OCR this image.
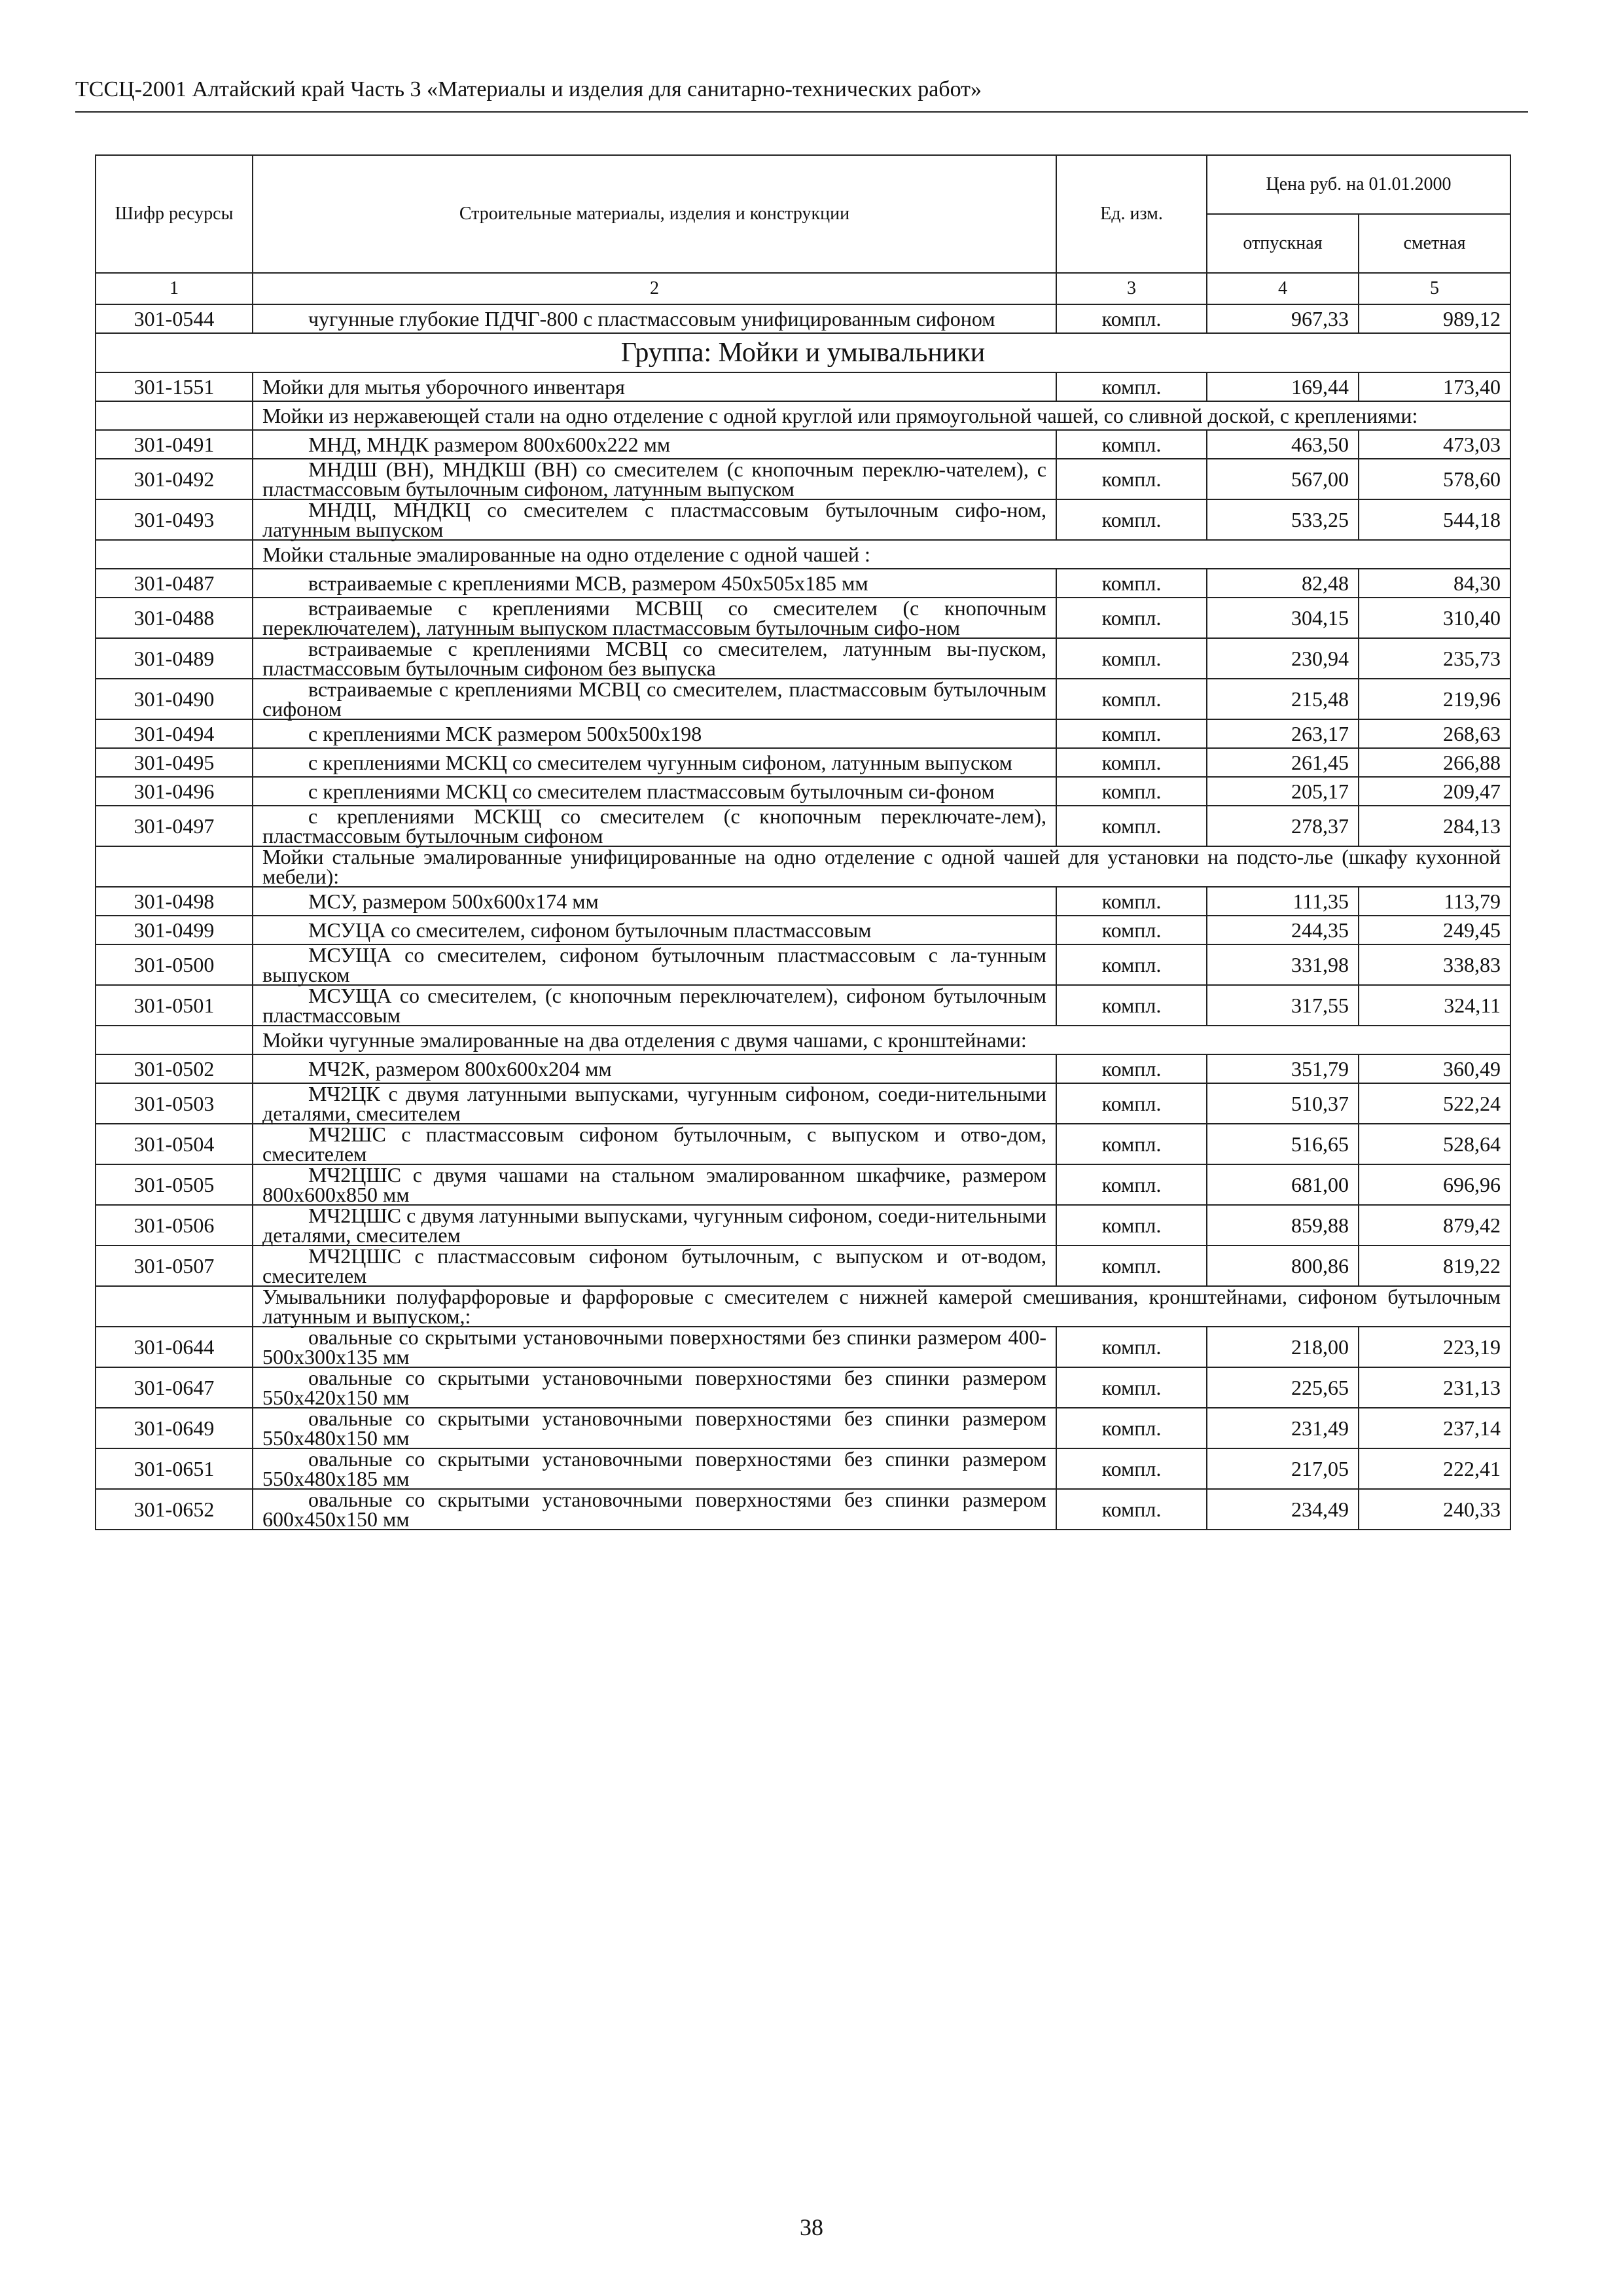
ТССЦ-2001 Алтайский край Часть 3 «Материалы и изделия для санитарно-технических работ»
Шифр ресурсы	Строительные материалы, изделия и конструкции	Ед. изм.	Цена руб. на 01.01.2000	
			отпускная	сметная
1	2	3	4	5
301-0544	чугунные глубокие ПДЧГ-800 с пластмассовым унифицированным сифоном	компл.	967,33	989,12
Группа: Мойки и умывальники				
301-1551	Мойки для мытья уборочного инвентаря	компл.	169,44	173,40
	Мойки из нержавеющей стали на одно отделение с одной круглой или прямоугольной чашей, со сливной доской, с креплениями:			
301-0491	МНД, МНДК размером 800х600х222 мм	компл.	463,50	473,03
301-0492	МНДШ (ВН), МНДКШ (ВН) со смесителем (с кнопочным переклю-чателем), с пластмассовым бутылочным сифоном, латунным выпуском	компл.	567,00	578,60
301-0493	МНДЦ, МНДКЦ со смесителем с пластмассовым бутылочным сифо-ном, латунным выпуском	компл.	533,25	544,18
	Мойки стальные эмалированные на одно отделение с одной чашей :			
301-0487	встраиваемые с креплениями МСВ, размером 450х505х185 мм	компл.	82,48	84,30
301-0488	встраиваемые с креплениями МСВЩ со смесителем (с кнопочным переключателем), латунным выпуском пластмассовым бутылочным сифо-ном	компл.	304,15	310,40
301-0489	встраиваемые с креплениями МСВЦ со смесителем, латунным вы-пуском, пластмассовым бутылочным сифоном без выпуска	компл.	230,94	235,73
301-0490	встраиваемые с креплениями МСВЦ со смесителем, пластмассовым бутылочным сифоном	компл.	215,48	219,96
301-0494	с креплениями МСК размером 500х500х198	компл.	263,17	268,63
301-0495	с креплениями МСКЦ со смесителем чугунным сифоном, латунным выпуском	компл.	261,45	266,88
301-0496	с креплениями МСКЦ со смесителем пластмассовым бутылочным си-фоном	компл.	205,17	209,47
301-0497	с креплениями МСКЩ со смесителем (с кнопочным переключате-лем), пластмассовым бутылочным сифоном	компл.	278,37	284,13
	Мойки стальные эмалированные унифицированные на одно отделение с одной чашей для установки на подсто-лье (шкафу кухонной мебели):			
301-0498	МСУ, размером 500х600х174 мм	компл.	111,35	113,79
301-0499	МСУЦА со смесителем, сифоном бутылочным пластмассовым	компл.	244,35	249,45
301-0500	МСУЩА со смесителем, сифоном бутылочным пластмассовым с ла-тунным выпуском	компл.	331,98	338,83
301-0501	МСУЩА со смесителем, (с кнопочным переключателем), сифоном бутылочным пластмассовым	компл.	317,55	324,11
	Мойки чугунные эмалированные на два отделения с двумя чашами, с кронштейнами:			
301-0502	МЧ2К, размером 800х600х204 мм	компл.	351,79	360,49
301-0503	МЧ2ЦК с двумя латунными выпусками, чугунным сифоном, соеди-нительными деталями, смесителем	компл.	510,37	522,24
301-0504	МЧ2ШС с пластмассовым сифоном бутылочным, с выпуском и отво-дом, смесителем	компл.	516,65	528,64
301-0505	МЧ2ЦШС с двумя чашами на стальном эмалированном шкафчике, размером 800х600х850 мм	компл.	681,00	696,96
301-0506	МЧ2ЦШС с двумя латунными выпусками, чугунным сифоном, соеди-нительными деталями, смесителем	компл.	859,88	879,42
301-0507	МЧ2ЦШС с пластмассовым сифоном бутылочным, с выпуском и от-водом, смесителем	компл.	800,86	819,22
	Умывальники полуфарфоровые и фарфоровые с смесителем с нижней камерой смешивания, кронштейнами, сифоном бутылочным латунным и выпуском,:			
301-0644	овальные со скрытыми установочными поверхностями без спинки размером 400-500х300х135 мм	компл.	218,00	223,19
301-0647	овальные со скрытыми установочными поверхностями без спинки размером 550х420х150 мм	компл.	225,65	231,13
301-0649	овальные со скрытыми установочными поверхностями без спинки размером 550х480х150 мм	компл.	231,49	237,14
301-0651	овальные со скрытыми установочными поверхностями без спинки размером 550х480х185 мм	компл.	217,05	222,41
301-0652	овальные со скрытыми установочными поверхностями без спинки размером 600х450х150 мм	компл.	234,49	240,33
38
